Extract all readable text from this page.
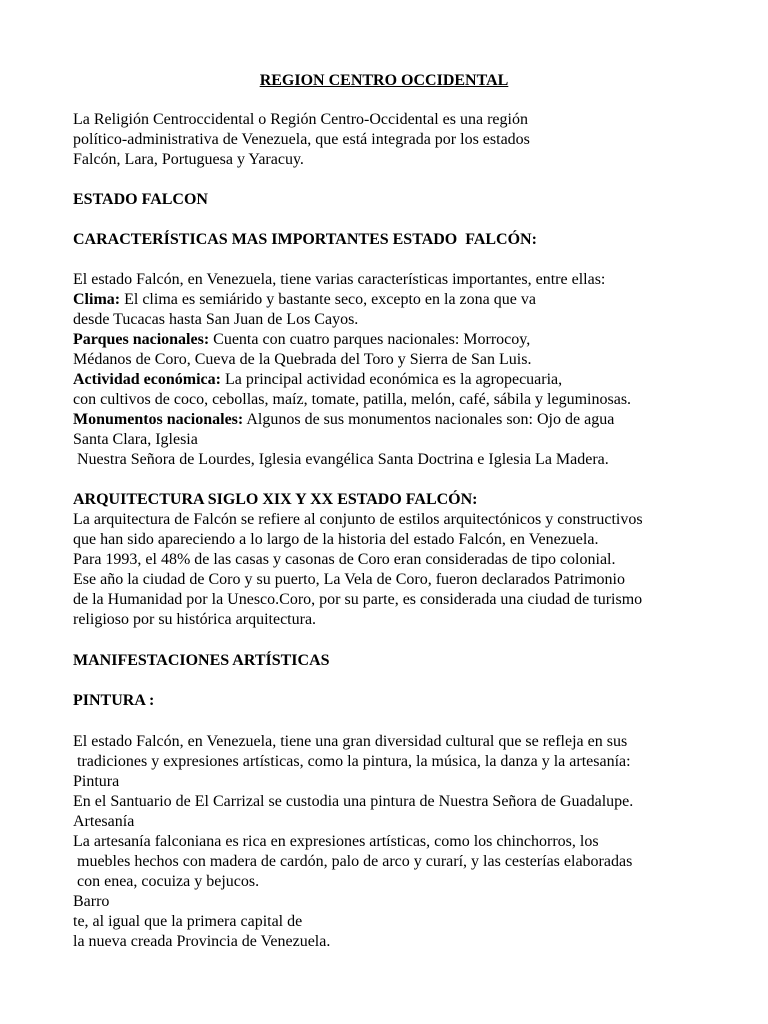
REGION CENTRO OCCIDENTAL
La Religión Centroccidental o Región Centro-Occidental es una región
político-administrativa de Venezuela, que está integrada por los estados
Falcón, Lara, Portuguesa y Yaracuy.
ESTADO FALCON
CARACTERÍSTICAS MAS IMPORTANTES ESTADO  FALCÓN:
El estado Falcón, en Venezuela, tiene varias características importantes, entre ellas:
Clima: El clima es semiárido y bastante seco, excepto en la zona que va
desde Tucacas hasta San Juan de Los Cayos.
Parques nacionales: Cuenta con cuatro parques nacionales: Morrocoy,
Médanos de Coro, Cueva de la Quebrada del Toro y Sierra de San Luis.
Actividad económica: La principal actividad económica es la agropecuaria,
con cultivos de coco, cebollas, maíz, tomate, patilla, melón, café, sábila y leguminosas.
Monumentos nacionales: Algunos de sus monumentos nacionales son: Ojo de agua
Santa Clara, Iglesia
Nuestra Señora de Lourdes, Iglesia evangélica Santa Doctrina e Iglesia La Madera.
ARQUITECTURA SIGLO XIX Y XX ESTADO FALCÓN:
La arquitectura de Falcón se refiere al conjunto de estilos arquitectónicos y constructivos
que han sido apareciendo a lo largo de la historia del estado Falcón, en Venezuela.
Para 1993, el 48% de las casas y casonas de Coro eran consideradas de tipo colonial.
Ese año la ciudad de Coro y su puerto, La Vela de Coro, fueron declarados Patrimonio
de la Humanidad por la Unesco.Coro, por su parte, es considerada una ciudad de turismo
religioso por su histórica arquitectura.
MANIFESTACIONES ARTÍSTICAS
PINTURA :
El estado Falcón, en Venezuela, tiene una gran diversidad cultural que se refleja en sus
tradiciones y expresiones artísticas, como la pintura, la música, la danza y la artesanía:
Pintura
En el Santuario de El Carrizal se custodia una pintura de Nuestra Señora de Guadalupe.
Artesanía
La artesanía falconiana es rica en expresiones artísticas, como los chinchorros, los
muebles hechos con madera de cardón, palo de arco y curarí, y las cesterías elaboradas
con enea, cocuiza y bejucos.
Barro
te, al igual que la primera capital de
la nueva creada Provincia de Venezuela.
